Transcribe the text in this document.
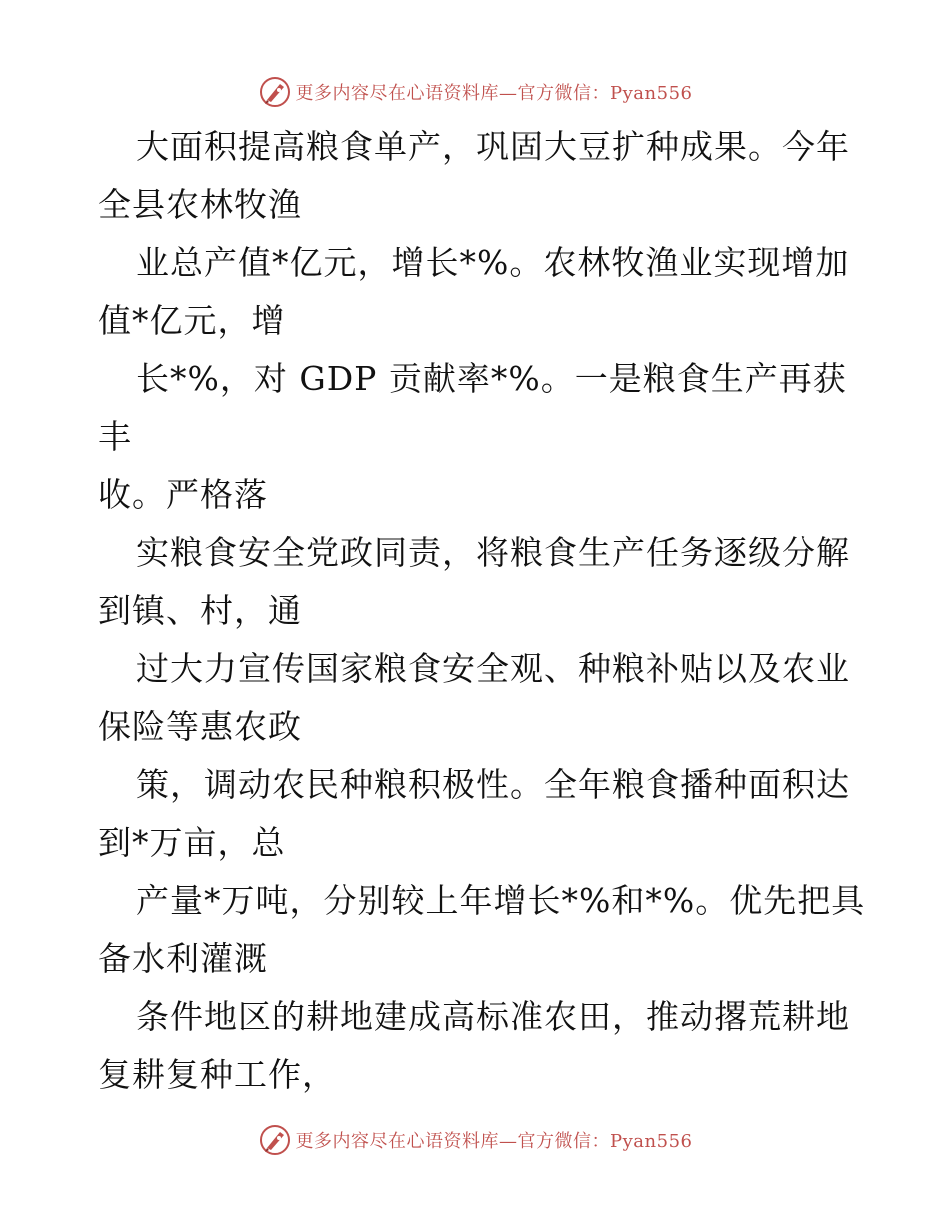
更多内容尽在心语资料库—官方微信：Pyan556

大面积提高粮食单产，巩固大豆扩种成果。今年
全县农林牧渔

业总产值*亿元，增长*%。农林牧渔业实现增加
值*亿元，增

长*%，对 GDP 贡献率*%。一是粮食生产再获丰
收。严格落

实粮食安全党政同责，将粮食生产任务逐级分解
到镇、村，通

过大力宣传国家粮食安全观、种粮补贴以及农业
保险等惠农政

策，调动农民种粮积极性。全年粮食播种面积达
到*万亩，总

产量*万吨，分别较上年增长*%和*%。优先把具
备水利灌溉

条件地区的耕地建成高标准农田，推动撂荒耕地
复耕复种工作，

更多内容尽在心语资料库—官方微信：Pyan556
